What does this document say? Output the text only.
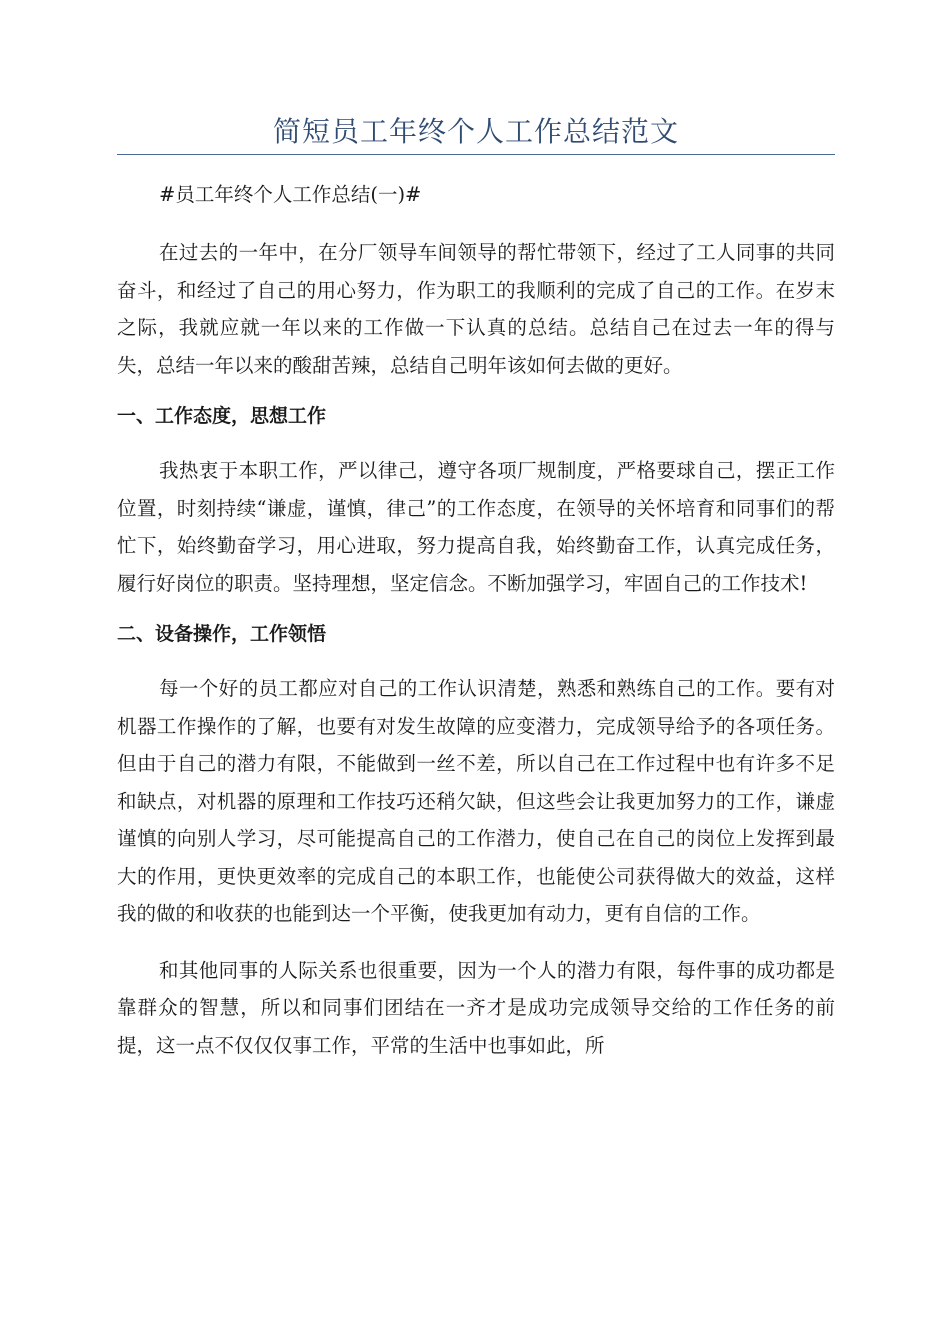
简短员工年终个人工作总结范文

#员工年终个人工作总结(一)#

在过去的一年中，在分厂领导车间领导的帮忙带领下，经过了工人同事的共同奋斗，和经过了自己的用心努力，作为职工的我顺利的完成了自己的工作。在岁末之际，我就应就一年以来的工作做一下认真的总结。总结自己在过去一年的得与失，总结一年以来的酸甜苦辣，总结自己明年该如何去做的更好。

一、工作态度，思想工作

我热衷于本职工作，严以律己，遵守各项厂规制度，严格要球自己，摆正工作位置，时刻持续“谦虚，谨慎，律己”的工作态度，在领导的关怀培育和同事们的帮忙下，始终勤奋学习，用心进取，努力提高自我，始终勤奋工作，认真完成任务，履行好岗位的职责。坚持理想，坚定信念。不断加强学习，牢固自己的工作技术!

二、设备操作，工作领悟

每一个好的员工都应对自己的工作认识清楚，熟悉和熟练自己的工作。要有对机器工作操作的了解，也要有对发生故障的应变潜力，完成领导给予的各项任务。但由于自己的潜力有限，不能做到一丝不差，所以自己在工作过程中也有许多不足和缺点，对机器的原理和工作技巧还稍欠缺，但这些会让我更加努力的工作，谦虚谨慎的向别人学习，尽可能提高自己的工作潜力，使自己在自己的岗位上发挥到最大的作用，更快更效率的完成自己的本职工作，也能使公司获得做大的效益，这样我的做的和收获的也能到达一个平衡，使我更加有动力，更有自信的工作。

和其他同事的人际关系也很重要，因为一个人的潜力有限，每件事的成功都是靠群众的智慧，所以和同事们团结在一齐才是成功完成领导交给的工作任务的前提，这一点不仅仅仅事工作，平常的生活中也事如此，所
